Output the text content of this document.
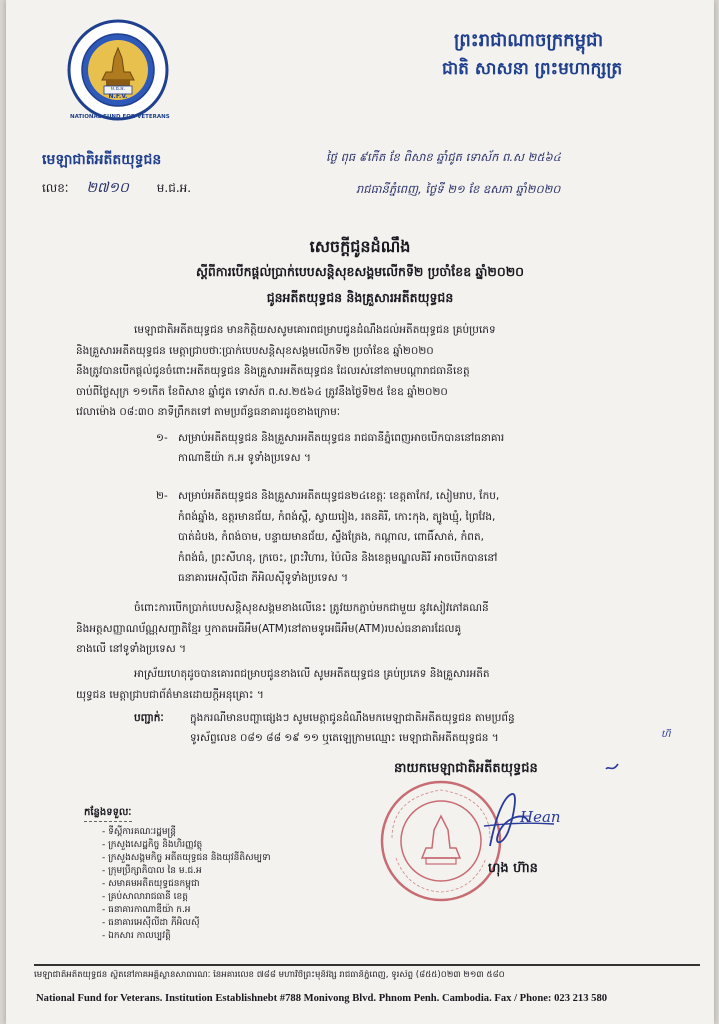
ម.ជ.អ.
N.F.V.
NATIONAL FUND FOR VETERANS
ព្រះរាជាណាចក្រកម្ពុជា
ជាតិ សាសនា ព្រះមហាក្សត្រ
មេឡាជាតិអតីតយុទ្ធជន
លេខៈ ២៧១០ ម.ជ.អ.
ថ្ងៃ ពុធ ៩កើត ខែ ពិសាខ ឆ្នាំជូត ទោស័ក ព.ស ២៥៦៤
រាជធានីភ្នំពេញ, ថ្ងៃទី ២១ ខែ ឧសភា ឆ្នាំ២០២០
សេចក្ដីជូនដំណឹង
ស្ដីពីការបើកផ្ដល់ប្រាក់បេបសន្តិសុខសង្គមលើកទី២ ប្រចាំខែឧ ឆ្នាំ២០២០
ជូនអតីតយុទ្ធជន និងគ្រួសារអតីតយុទ្ធជន
មេឡាជាតិអតីតយុទ្ធជន មានកិត្តិយសសូមគោរពជម្រាបជូនដំណឹងដល់អតីតយុទ្ធជន គ្រប់ប្រភេទ
និងគ្រួសារអតីតយុទ្ធជន មេត្តាជ្រាបថាៈប្រាក់បេបសន្តិសុខសង្គមលើកទី២ ប្រចាំខែឧ ឆ្នាំ២០២០
នឹងត្រូវបានបើកផ្ដល់ជូនចំពោះអតីតយុទ្ធជន និងគ្រួសារអតីតយុទ្ធជន ដែលរស់នៅតាមបណ្ដារាជធានីខេត្ត
ចាប់ពីថ្ងៃសុក្រ ១១កើត ខែពិសាខ ឆ្នាំជូត ទោស័ក ព.ស.២៥៦៤ ត្រូវនឹងថ្ងៃទី២៥ ខែឧ ឆ្នាំ២០២០
វេលាម៉ោង ០៨:៣០ នាទីព្រឹកតទៅ តាមប្រព័ន្ធធនាគារដូចខាងក្រោមៈ
១- សម្រាប់អតីតយុទ្ធជន និងគ្រួសារអតីតយុទ្ធជន រាជធានីភ្នំពេញអាចបើកបាននៅធនាគារ
កាណាឌីយ៉ា ក.អ ទូទាំងប្រទេស ។
២- សម្រាប់អតីតយុទ្ធជន និងគ្រួសារអតីតយុទ្ធជន២៤ខេត្តៈ ខេត្តតាកែវ, សៀមរាប, កែប,
កំពង់ឆ្នាំង, ឧត្តរមានជ័យ, កំពង់ស្ពឺ, ស្វាយរៀង, រតនគិរី, កោះកុង, ត្បូងឃ្មុំ, ព្រៃវែង,
បាត់ដំបង, កំពង់ចាម, បន្ទាយមានជ័យ, ស្ទឹងត្រែង, កណ្ដាល, ពោធិ៍សាត់, កំពត,
កំពង់ធំ, ព្រះសីហនុ, ក្រចេះ, ព្រះវិហារ, ប៉ៃលិន និងខេត្តមណ្ឌលគិរី អាចបើកបាននៅ
ធនាគារអេស៊ីលីដា ភីអិលស៊ីទូទាំងប្រទេស ។
ចំពោះការបើកប្រាក់បេបសន្តិសុខសង្គមខាងលើនេះ ត្រូវយកភ្ជាប់មកជាមួយ នូវសៀវភៅគណនី
និងអត្តសញ្ញាណប័ណ្ណសញ្ជាតិខ្មែរ ឬកាតអេធីអឹម(ATM)នៅតាមទូអេធីអឹម(ATM)របស់ធនាគារដែលគូ
ខាងលើ នៅទូទាំងប្រទេស ។
អាស្រ័យហេតុដូចបានគោរពជម្រាបជូនខាងលើ សូមអតីតយុទ្ធជន គ្រប់ប្រភេទ និងគ្រួសារអតីត
យុទ្ធជន មេត្តាជ្រាបជាព័ត៌មានដោយក្ដីអនុគ្រោះ ។
បញ្ជាក់ៈ	ក្នុងករណីមានបញ្ហាផ្សេងៗ សូមមេត្តាជូនដំណឹងមកមេឡាជាតិអតីតយុទ្ធជន តាមប្រព័ន្ធ
ទូរស័ព្ទលេខ ០៨១ ៨៨ ១៩ ១១ ឬតេឡេក្រាមឈ្មោះ មេឡាជាតិអតីតយុទ្ធជន ។	ហ៊
នាយកមេឡាជាតិអតីតយុទ្ធជន
Hean
ហុង ហ៊ាន
កន្លែងទទួលៈ
- ទីស្ដីការគណៈរដ្ឋមន្ត្រី
- ក្រសួងសេដ្ឋកិច្ច និងហិរញ្ញវត្ថុ
- ក្រសួងសង្គមកិច្ច អតីតយុទ្ធជន និងយុវនីតិសម្បទា
- ក្រុមប្រឹក្សាភិបាល នៃ ម.ជ.អ
- សមាគមអតីតយុទ្ធជនកម្ពុជា
- គ្រប់សាលារាជធានី ខេត្ត
- ធនាគារកាណាឌីយ៉ា ក.អ
- ធនាគារអេស៊ីលីដា ភីអិលស៊ី
- ឯកសារ កាលប្បវត្តិ
មេឡាជាតិអតីតយុទ្ធជន ស្ថិតនៅភាគអគ្គិស្ថានសាធារណៈ នៃអគារលេខ ៧៨៨ មហាវិថីព្រះមុនីវង្ស រាជធានីភ្នំពេញ, ទូរស័ព្ទ (៨៥៥)០២៣ ២១៣ ៥៨០
National Fund for Veterans. Institution Establishnebt #788 Monivong Blvd. Phnom Penh. Cambodia. Fax / Phone: 023 213 580
